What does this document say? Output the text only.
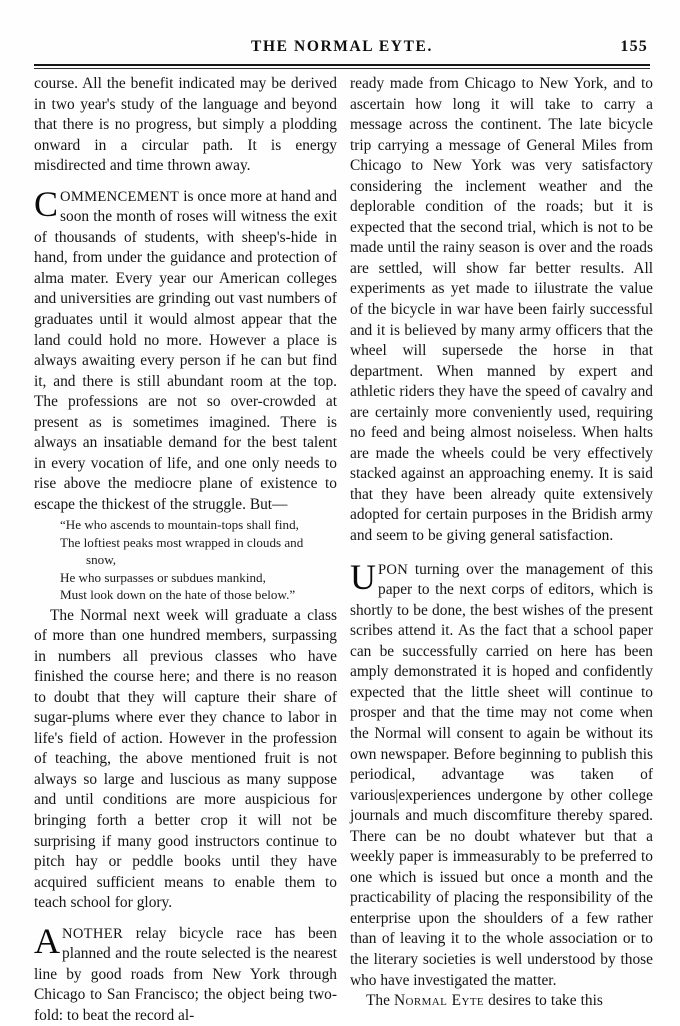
THE NORMAL EYTE.	155

course. All the benefit indicated may be derived in two year's study of the language and beyond that there is no progress, but simply a plodding onward in a circular path. It is energy misdirected and time thrown away.

COMMENCEMENT is once more at hand and soon the month of roses will witness the exit of thousands of students, with sheep's-hide in hand, from under the guidance and protection of alma mater. Every year our American colleges and universities are grinding out vast numbers of graduates until it would almost appear that the land could hold no more. However a place is always awaiting every person if he can but find it, and there is still abundant room at the top. The professions are not so over-crowded at present as is sometimes imagined. There is always an insatiable demand for the best talent in every vocation of life, and one only needs to rise above the mediocre plane of existence to escape the thickest of the struggle. But—

“He who ascends to mountain-tops shall find,
The loftiest peaks most wrapped in clouds and
snow,
He who surpasses or subdues mankind,
Must look down on the hate of those below.”

The Normal next week will graduate a class of more than one hundred members, surpassing in numbers all previous classes who have finished the course here; and there is no reason to doubt that they will capture their share of sugar-plums where ever they chance to labor in life's field of action. However in the profession of teaching, the above mentioned fruit is not always so large and luscious as many suppose and until conditions are more auspicious for bringing forth a better crop it will not be surprising if many good instructors continue to pitch hay or peddle books until they have acquired sufficient means to enable them to teach school for glory.

ANOTHER relay bicycle race has been planned and the route selected is the nearest line by good roads from New York through Chicago to San Francisco; the object being two-fold: to beat the record al-

ready made from Chicago to New York, and to ascertain how long it will take to carry a message across the continent. The late bicycle trip carrying a message of General Miles from Chicago to New York was very satisfactory considering the inclement weather and the deplorable condition of the roads; but it is expected that the second trial, which is not to be made until the rainy season is over and the roads are settled, will show far better results. All experiments as yet made to iilustrate the value of the bicycle in war have been fairly successful and it is believed by many army officers that the wheel will supersede the horse in that department. When manned by expert and athletic riders they have the speed of cavalry and are certainly more conveniently used, requiring no feed and being almost noiseless. When halts are made the wheels could be very effectively stacked against an approaching enemy. It is said that they have been already quite extensively adopted for certain purposes in the Bridish army and seem to be giving general satisfaction.

UPON turning over the management of this paper to the next corps of editors, which is shortly to be done, the best wishes of the present scribes attend it. As the fact that a school paper can be successfully carried on here has been amply demonstrated it is hoped and confidently expected that the little sheet will continue to prosper and that the time may not come when the Normal will consent to again be without its own newspaper. Before beginning to publish this periodical, advantage was taken of various|experiences undergone by other college journals and much discomfiture thereby spared. There can be no doubt whatever but that a weekly paper is immeasurably to be preferred to one which is issued but once a month and the practicability of placing the responsibility of the enterprise upon the shoulders of a few rather than of leaving it to the whole association or to the literary societies is well understood by those who have investigated the matter.

The Normal Eyte desires to take this
